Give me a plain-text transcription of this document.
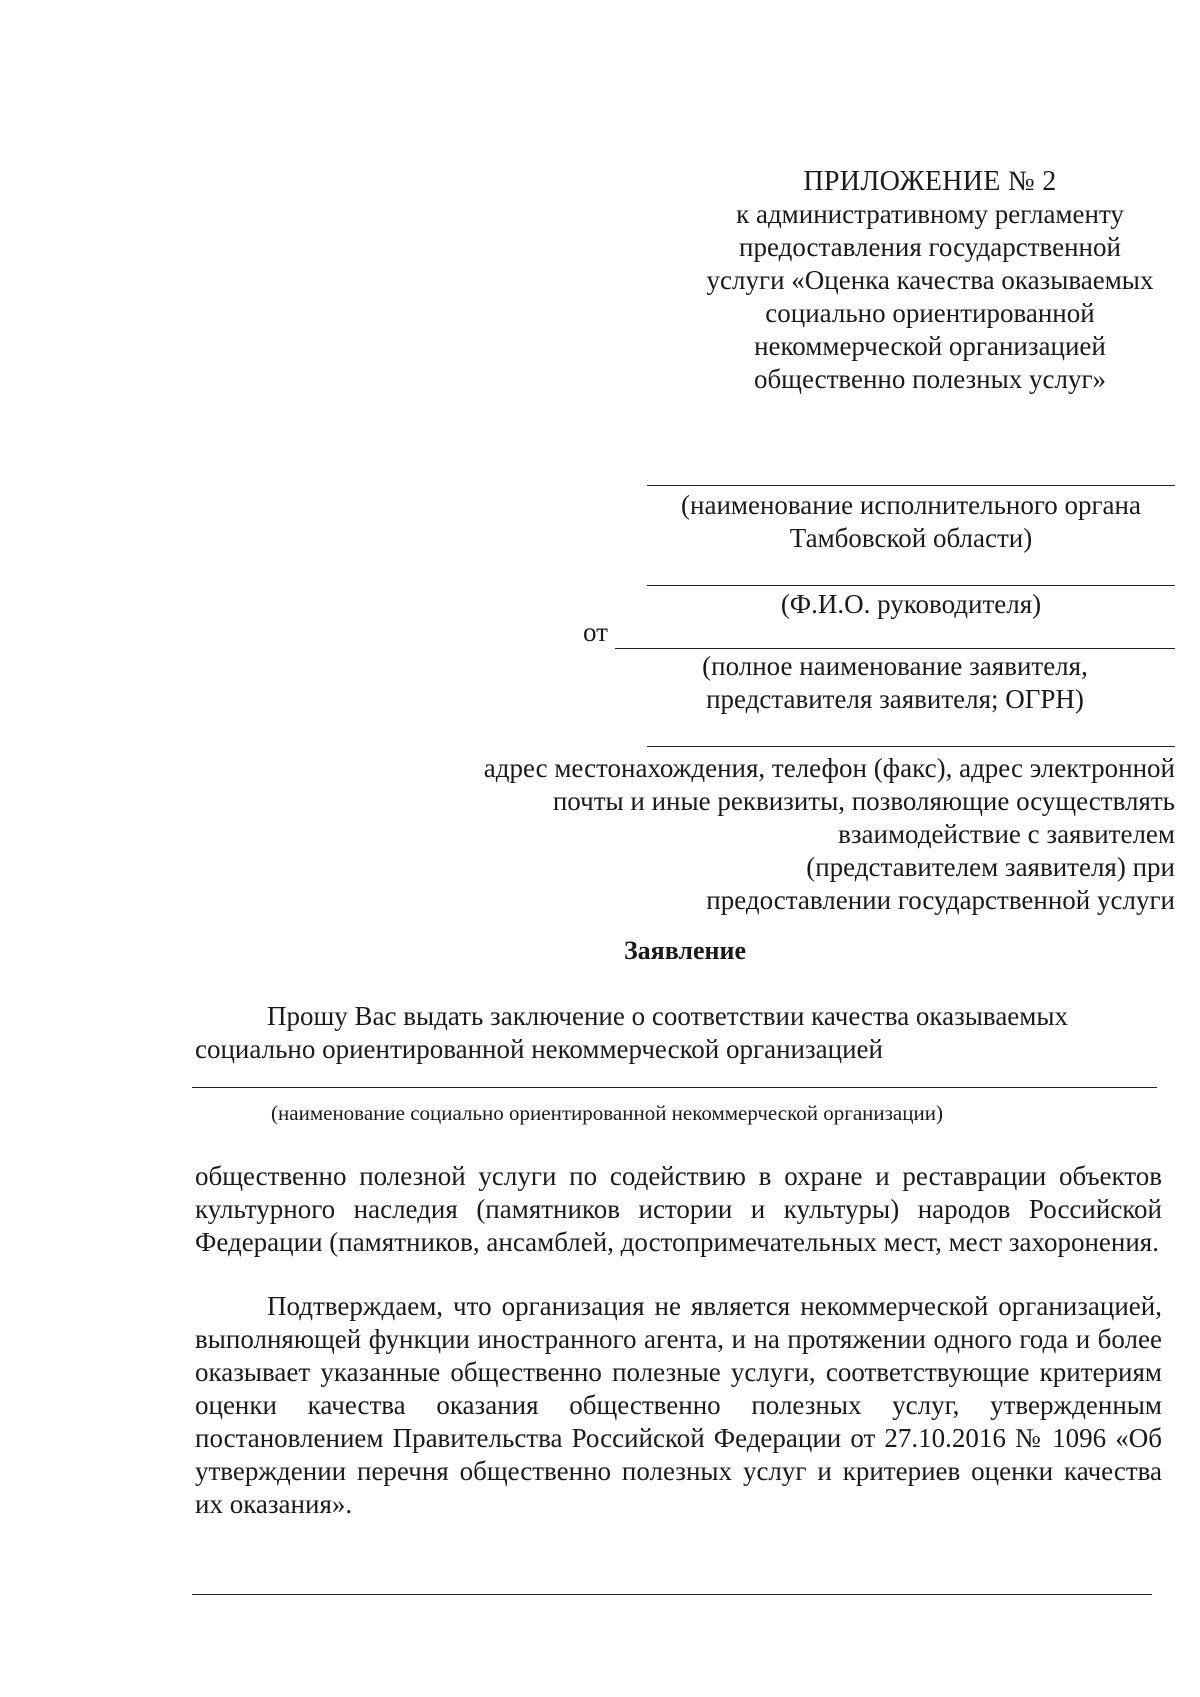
ПРИЛОЖЕНИЕ № 2
к административному регламенту
предоставления государственной
услуги «Оценка качества оказываемых
социально ориентированной
некоммерческой организацией
общественно полезных услуг»
(наименование исполнительного органа
Тамбовской области)
(Ф.И.О. руководителя)
от
(полное наименование заявителя,
представителя заявителя; ОГРН)
адрес местонахождения, телефон (факс), адрес электронной
почты и иные реквизиты, позволяющие осуществлять
взаимодействие с заявителем
(представителем заявителя) при
предоставлении государственной услуги
Заявление
Прошу Вас выдать заключение о соответствии качества оказываемых
социально ориентированной некоммерческой организацией
(наименование социально ориентированной некоммерческой организации)

общественно полезной услуги по содействию в охране и реставрации объектов культурного наследия (памятников истории и культуры) народов Российской Федерации (памятников, ансамблей, достопримечательных мест, мест захоронения.

Подтверждаем, что организация не является некоммерческой организацией, выполняющей функции иностранного агента, и на протяжении одного года и более оказывает указанные общественно полезные услуги, соответствующие критериям оценки качества оказания общественно полезных услуг, утвержденным постановлением Правительства Российской Федерации от 27.10.2016 № 1096 «Об утверждении перечня общественно полезных услуг и критериев оценки качества их оказания».
